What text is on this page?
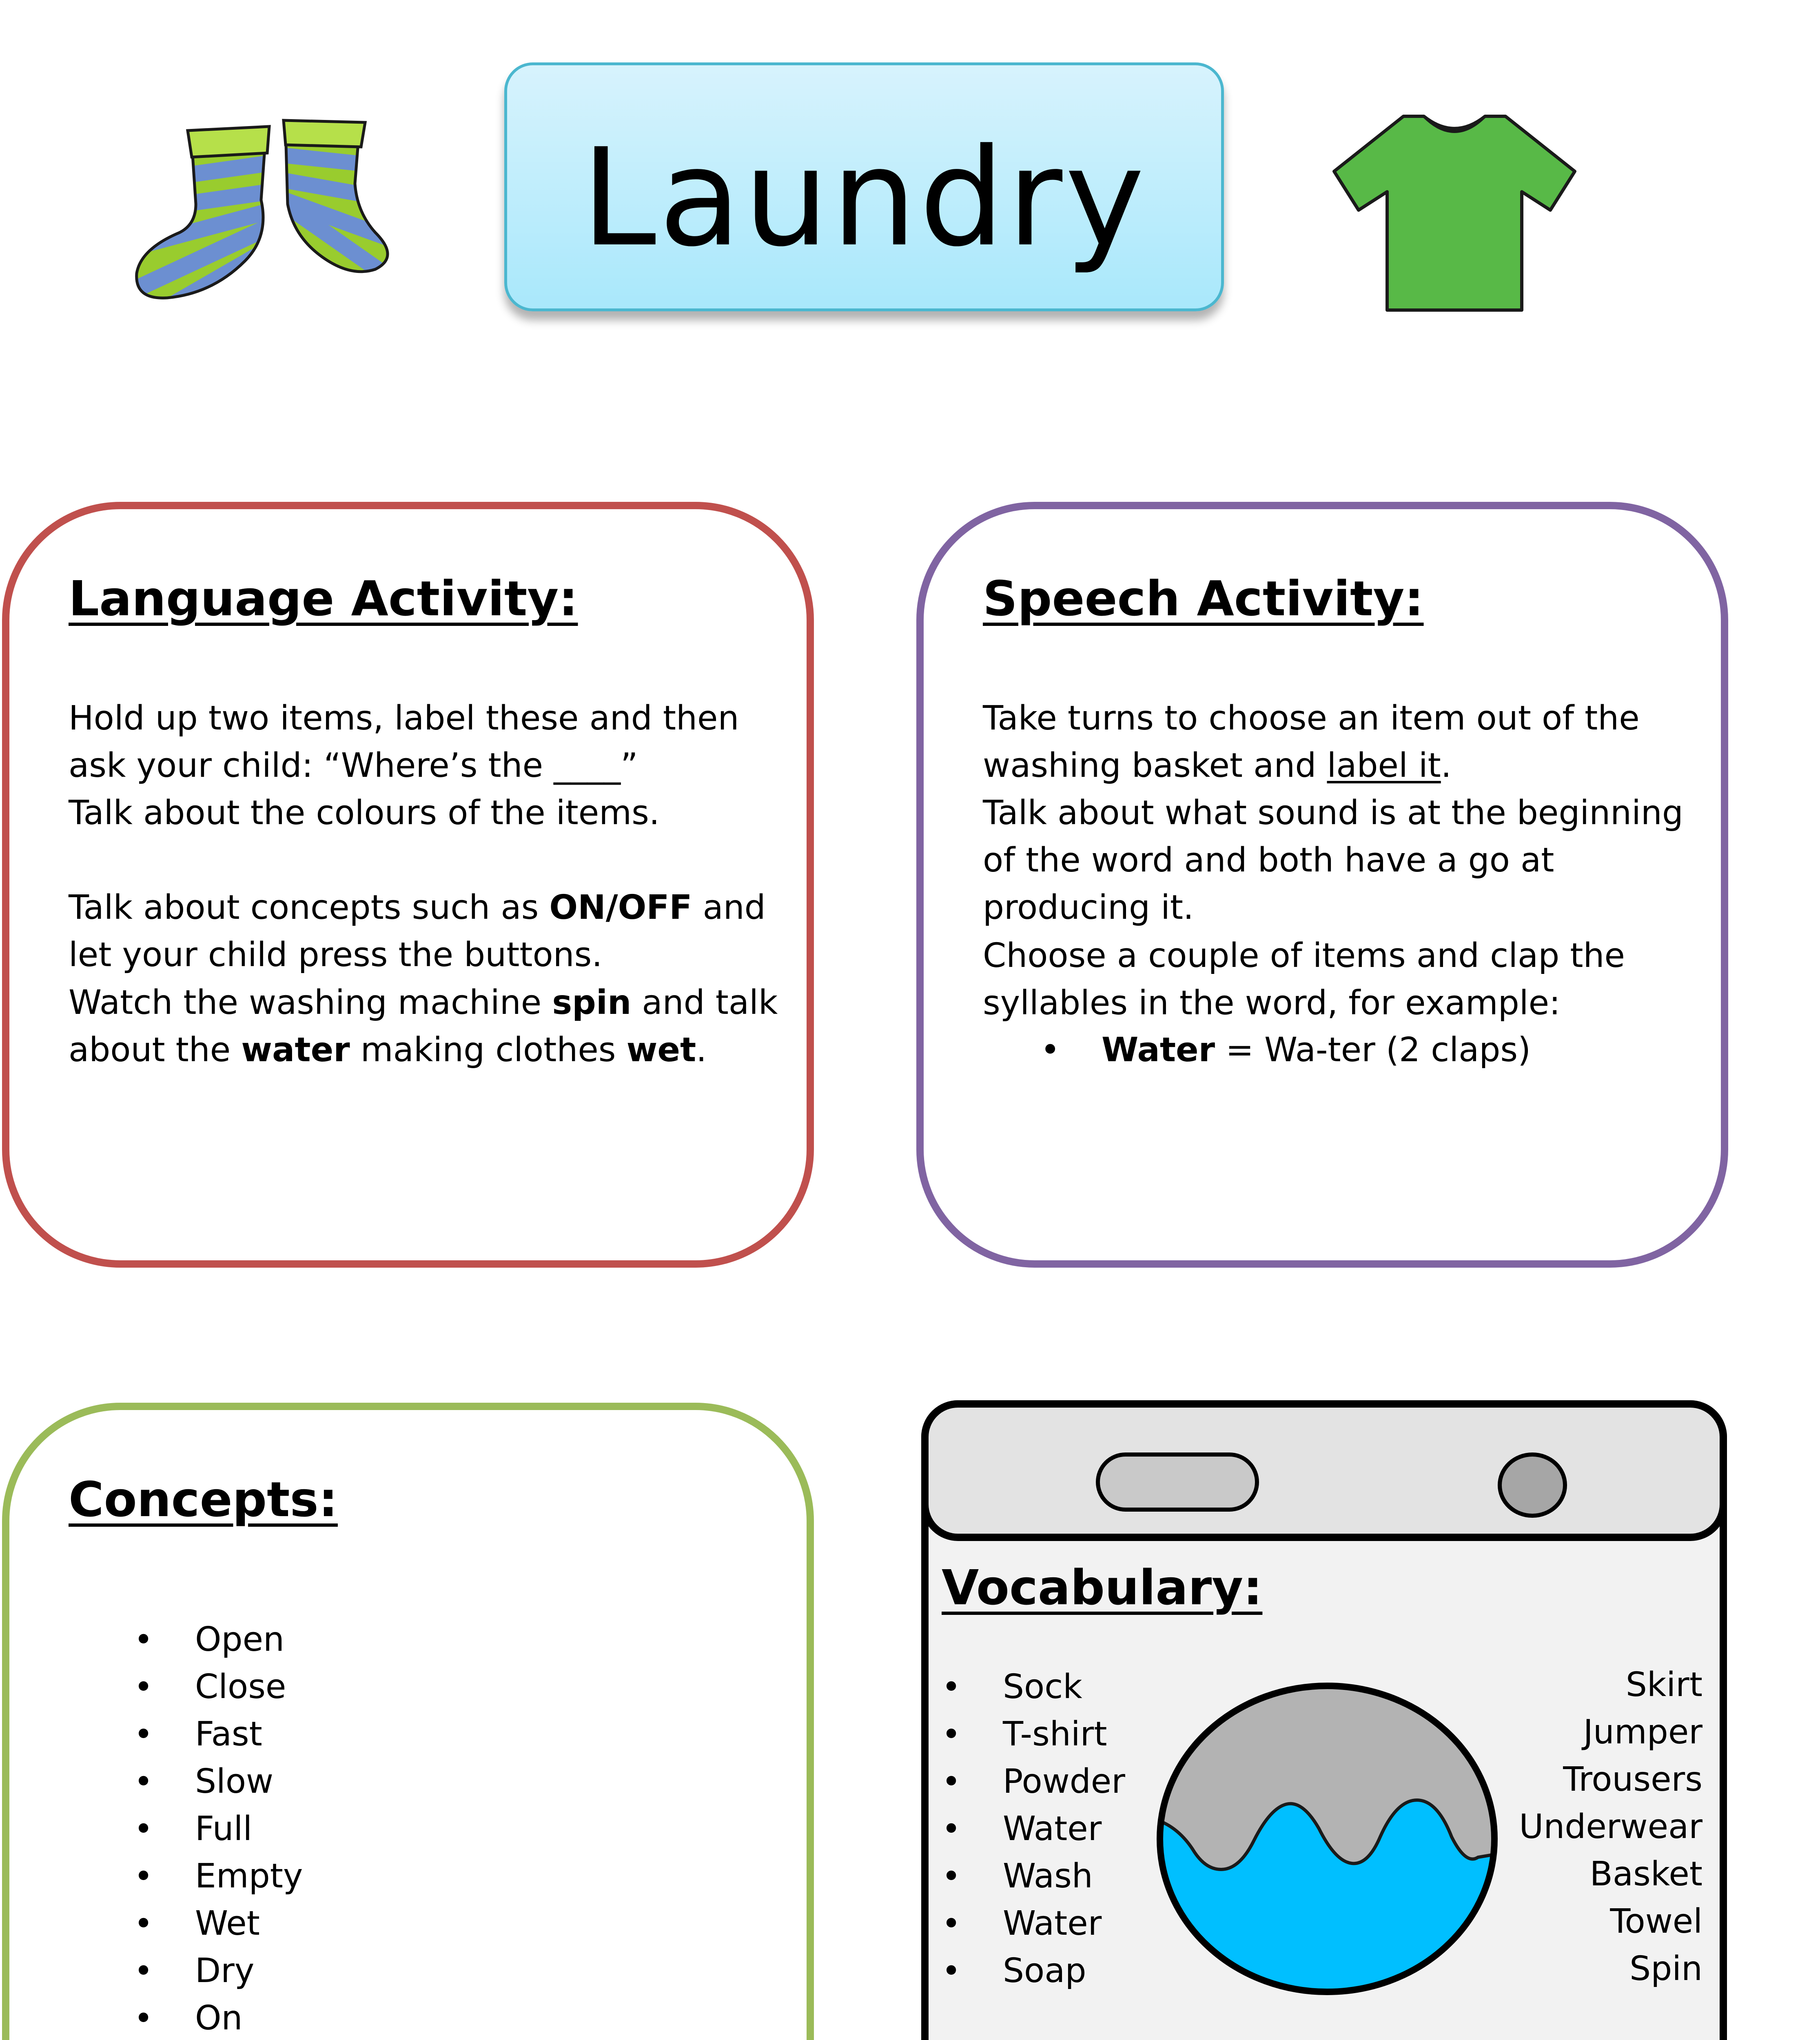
Laundry
Language Activity:

Hold up two items, label these and then
ask your child: “Where’s the ____”

Talk about the colours of the items.

Talk about concepts such as ON/OFF and
let your child press the buttons.

Watch the washing machine spin and talk
about the water making clothes wet.

Speech Activity:

Take turns to choose an item out of the
washing basket and label it.

Talk about what sound is at the beginning
of the word and both have a go at
producing it.

Choose a couple of items and clap the
syllables in the word, for example:

• Water = Wa-ter (2 claps)
Concepts:
• Open
• Close
• Fast
• Slow
• Full
• Empty
• Wet
• Dry
• On
Vocabulary:
• Sock
• T-shirt
• Powder
• Water
• Wash
• Water
• Soap
Skirt
Jumper
Trousers
Underwear
Basket
Towel
Spin
